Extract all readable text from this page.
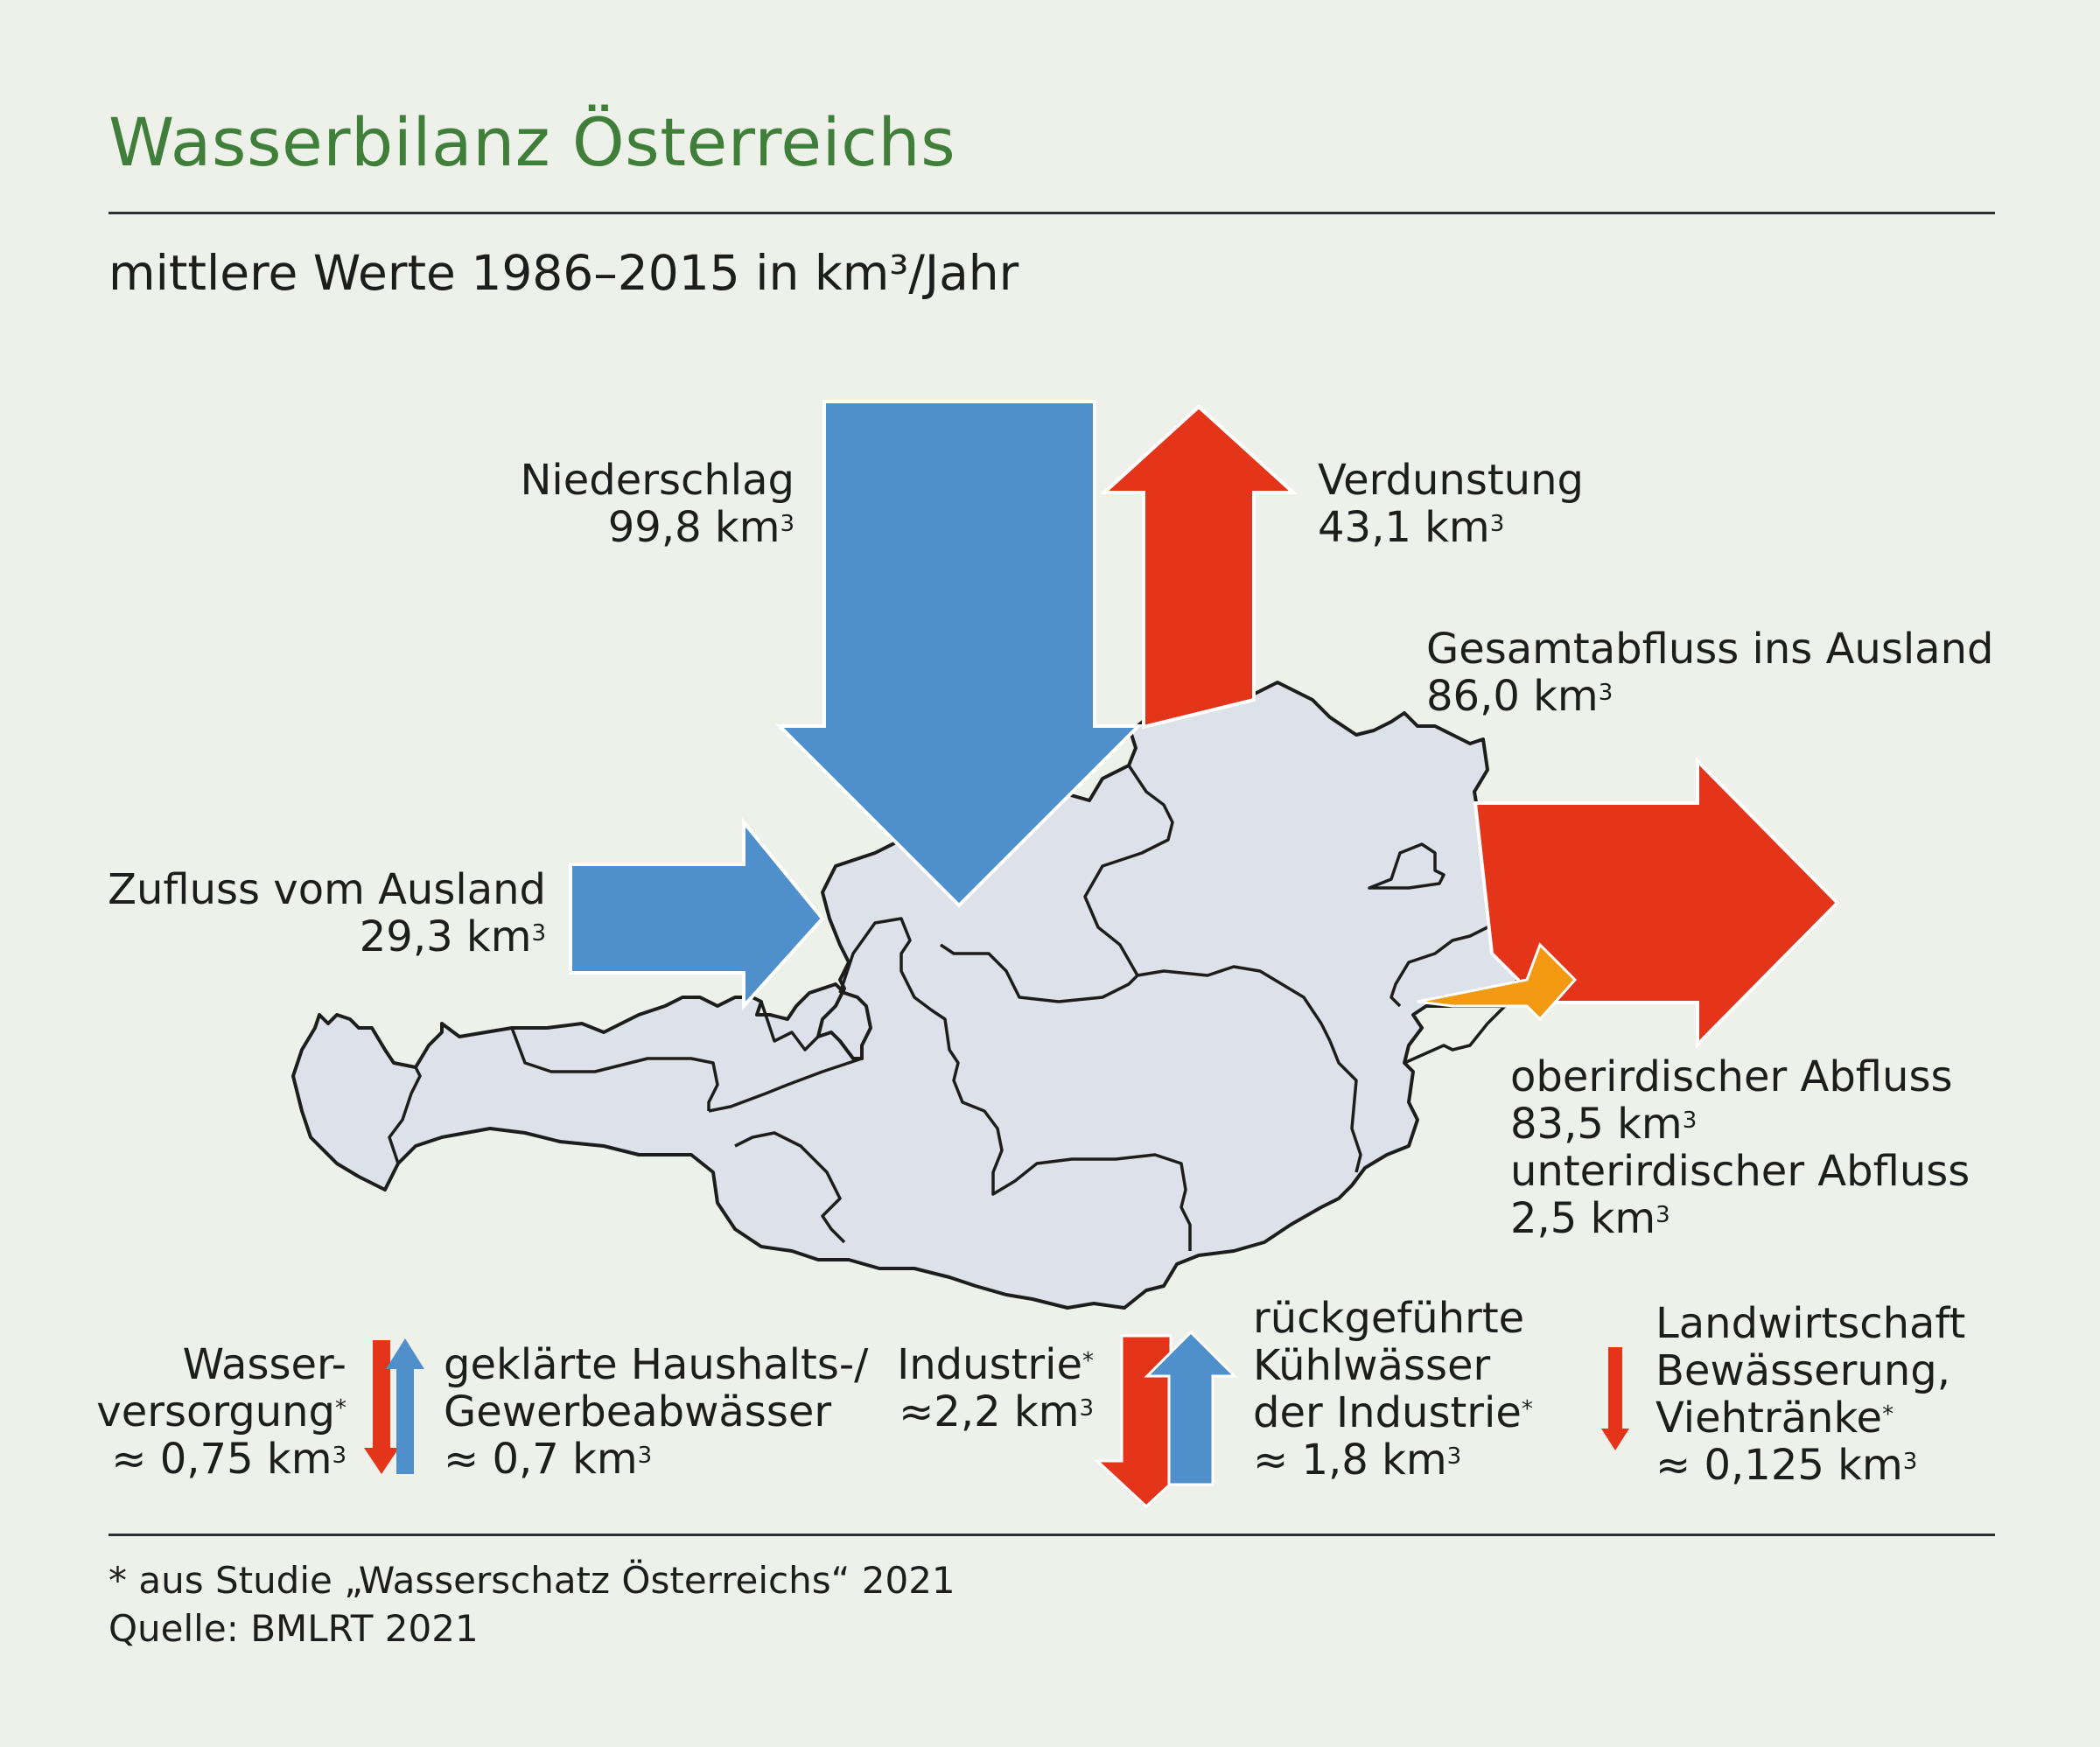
Wasserbilanz Österreichs
mittlere Werte 1986–2015 in km³/Jahr
Niederschlag
99,8 $km^3$
Verdunstung
43,1 $km^3$
Gesamtabfluss ins Ausland
86,0 $km^3$
Zufluss vom Ausland
29,3 $km^3$
oberirdischer Abfluss
83,5 $km^3$
unterirdischer Abfluss
2,5 $km^3$
Wasser-
versorgung*
≈ 0,75 $km^3$
geklärte Haushalts-/
Gewerbeabwässer
≈ 0,7 $km^3$
Industrie*
≈2,2 $km^3$
rückgeführte
Kühlwässer
der Industrie*
≈ 1,8 $km^3$
Landwirtschaft
Bewässerung,
Viehtränke*
≈ 0,125 $km^3$
* aus Studie „Wasserschatz Österreichs“ 2021
Quelle: BMLRT 2021
